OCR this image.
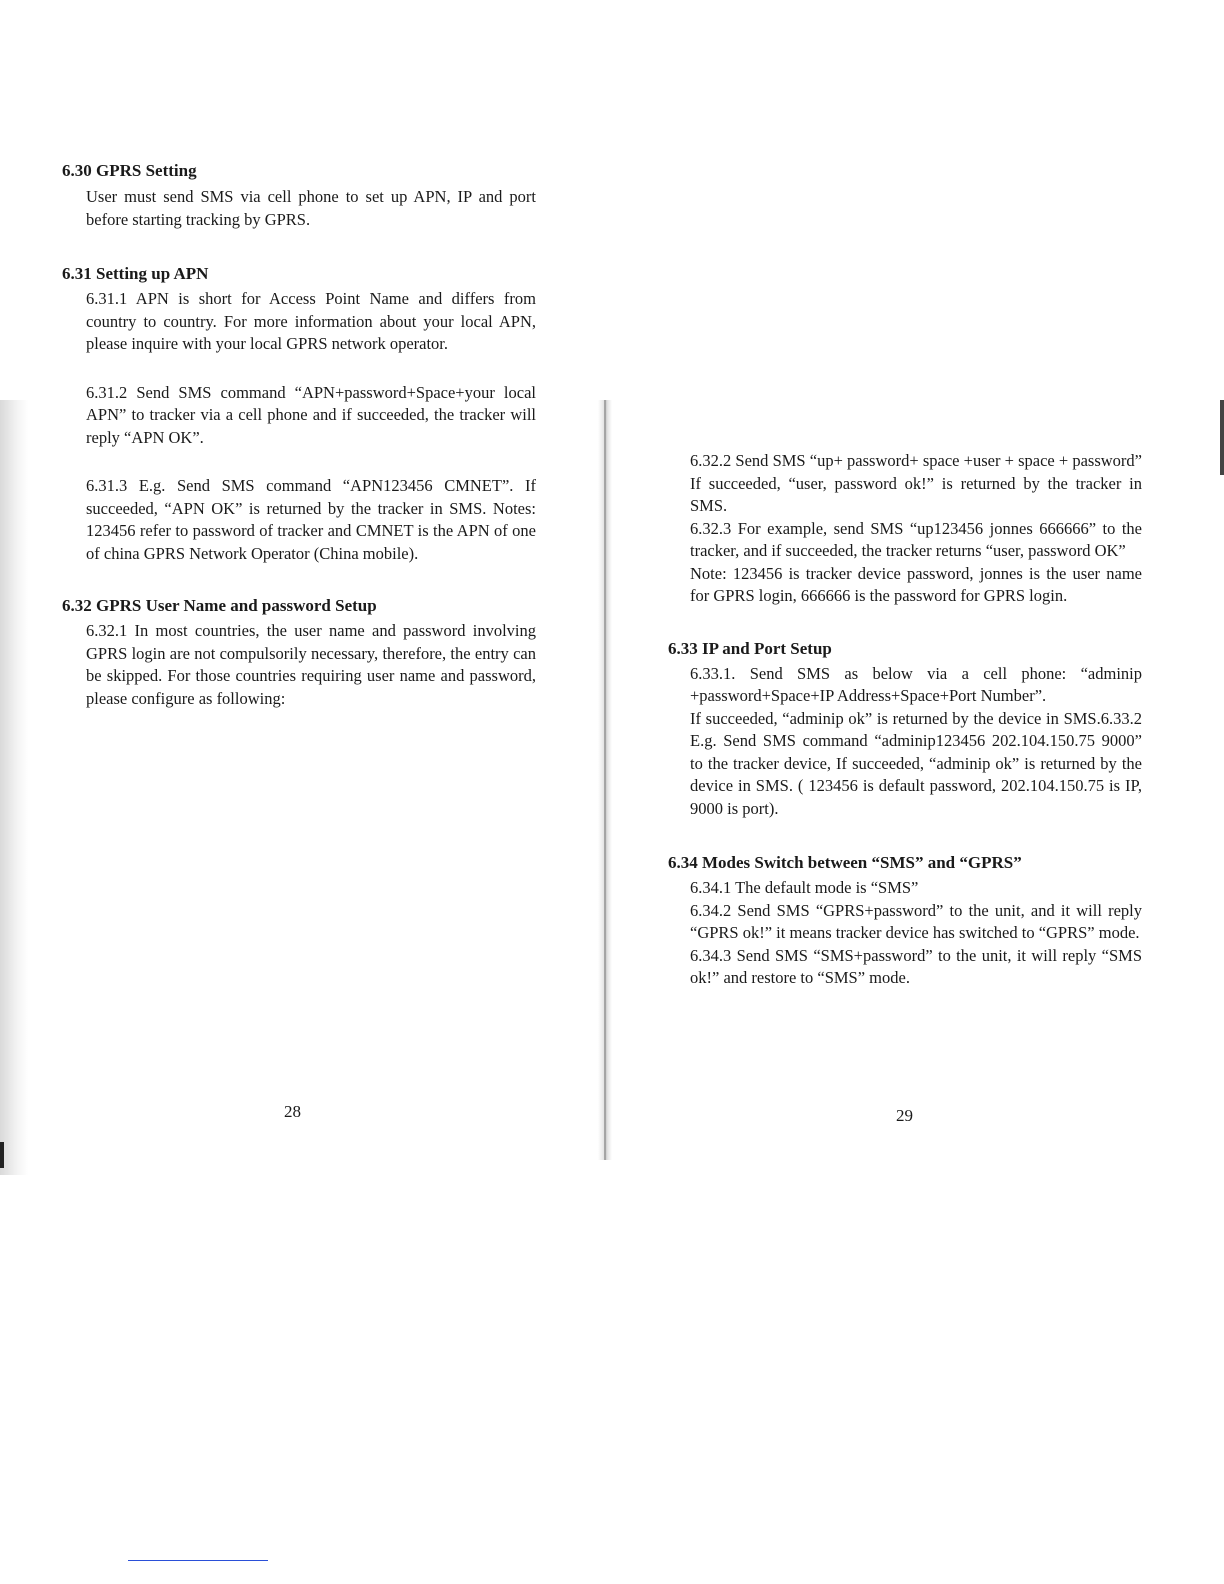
6.30 GPRS Setting

User must send SMS via cell phone to set up APN, IP and port before starting tracking by GPRS.

6.31 Setting up APN

6.31.1 APN is short for Access Point Name and differs from country to country. For more information about your local APN, please inquire with your local GPRS network operator.

6.31.2 Send SMS command “APN+password+Space+your local APN” to tracker via a cell phone and if succeeded, the tracker will reply “APN OK”.

6.31.3 E.g. Send SMS command “APN123456 CMNET”. If succeeded, “APN OK” is returned by the tracker in SMS. Notes: 123456 refer to password of tracker and CMNET is the APN of one of china GPRS Network Operator (China mobile).

6.32 GPRS User Name and password Setup

6.32.1 In most countries, the user name and password involving GPRS login are not compulsorily necessary, therefore, the entry can be skipped. For those countries requiring user name and password, please configure as following:

28

6.32.2 Send SMS “up+ password+ space +user + space + password” If succeeded, “user, password ok!” is returned by the tracker in SMS.

6.32.3 For example, send SMS “up123456 jonnes 666666” to the tracker, and if succeeded, the tracker returns “user, password OK”

Note: 123456 is tracker device password, jonnes is the user name for GPRS login, 666666 is the password for GPRS login.

6.33 IP and Port Setup

6.33.1. Send SMS as below via a cell phone: “adminip +password+Space+IP Address+Space+Port Number”.

If succeeded, “adminip ok” is returned by the device in SMS.6.33.2 E.g. Send SMS command “adminip123456 202.104.150.75 9000” to the tracker device, If succeeded, “adminip ok” is returned by the device in SMS. ( 123456 is default password, 202.104.150.75 is IP, 9000 is port).

6.34 Modes Switch between “SMS” and “GPRS”

6.34.1 The default mode is “SMS”

6.34.2 Send SMS “GPRS+password” to the unit, and it will reply “GPRS ok!” it means tracker device has switched to “GPRS” mode.

6.34.3 Send SMS “SMS+password” to the unit, it will reply “SMS ok!” and restore to “SMS” mode.

29
